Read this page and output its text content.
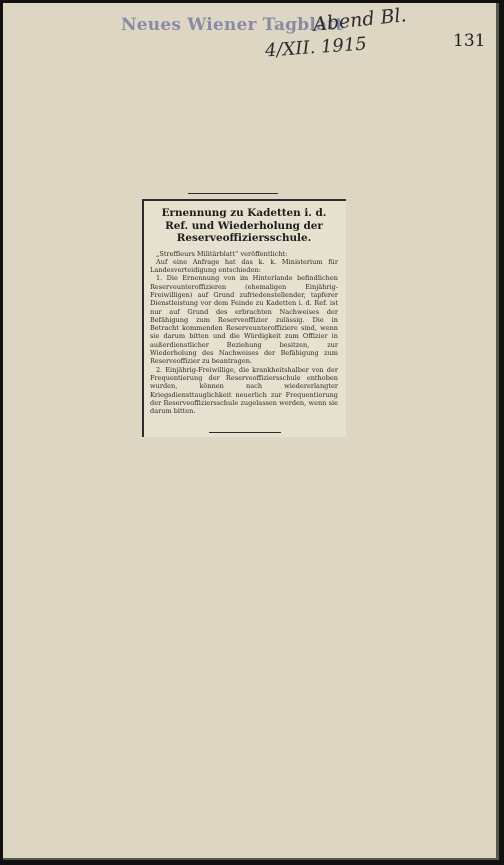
Neues Wiener Tagblatt
Abend Bl.
4/XII. 1915	131
Ernennung zu Kadetten i. d. Ref. und Wiederholung der Reserveoffiziersschule.

„Streffleurs Militärblatt“ veröffentlicht:

Auf eine Anfrage hat das k. k. Ministerium für Landesverteidigung entschieden:

1. Die Ernennung von im Hinterlande befindlichen Reserveunteroffizieren (ehemaligen Einjährig-Freiwilligen) auf Grund zufriedenstellender, tapferer Dienstleistung vor dem Feinde zu Kadetten i. d. Ref. ist nur auf Grund des erbrachten Nachweises der Befähigung zum Reserveoffizier zulässig. Die in Betracht kommenden Reserveunteroffiziere sind, wenn sie darum bitten und die Würdigkeit zum Offizier in außerdienstlicher Beziehung besitzen, zur Wiederholung des Nachweises der Befähigung zum Reserveoffizier zu beantragen.

2. Einjährig-Freiwillige, die krankheitshalber von der Frequentierung der Reserveoffiziersschule enthoben wurden, können nach wiedererlangter Kriegsdiensttauglichkeit neuerlich zur Frequentierung der Reserveoffiziersschule zugelassen werden, wenn sie darum bitten.
